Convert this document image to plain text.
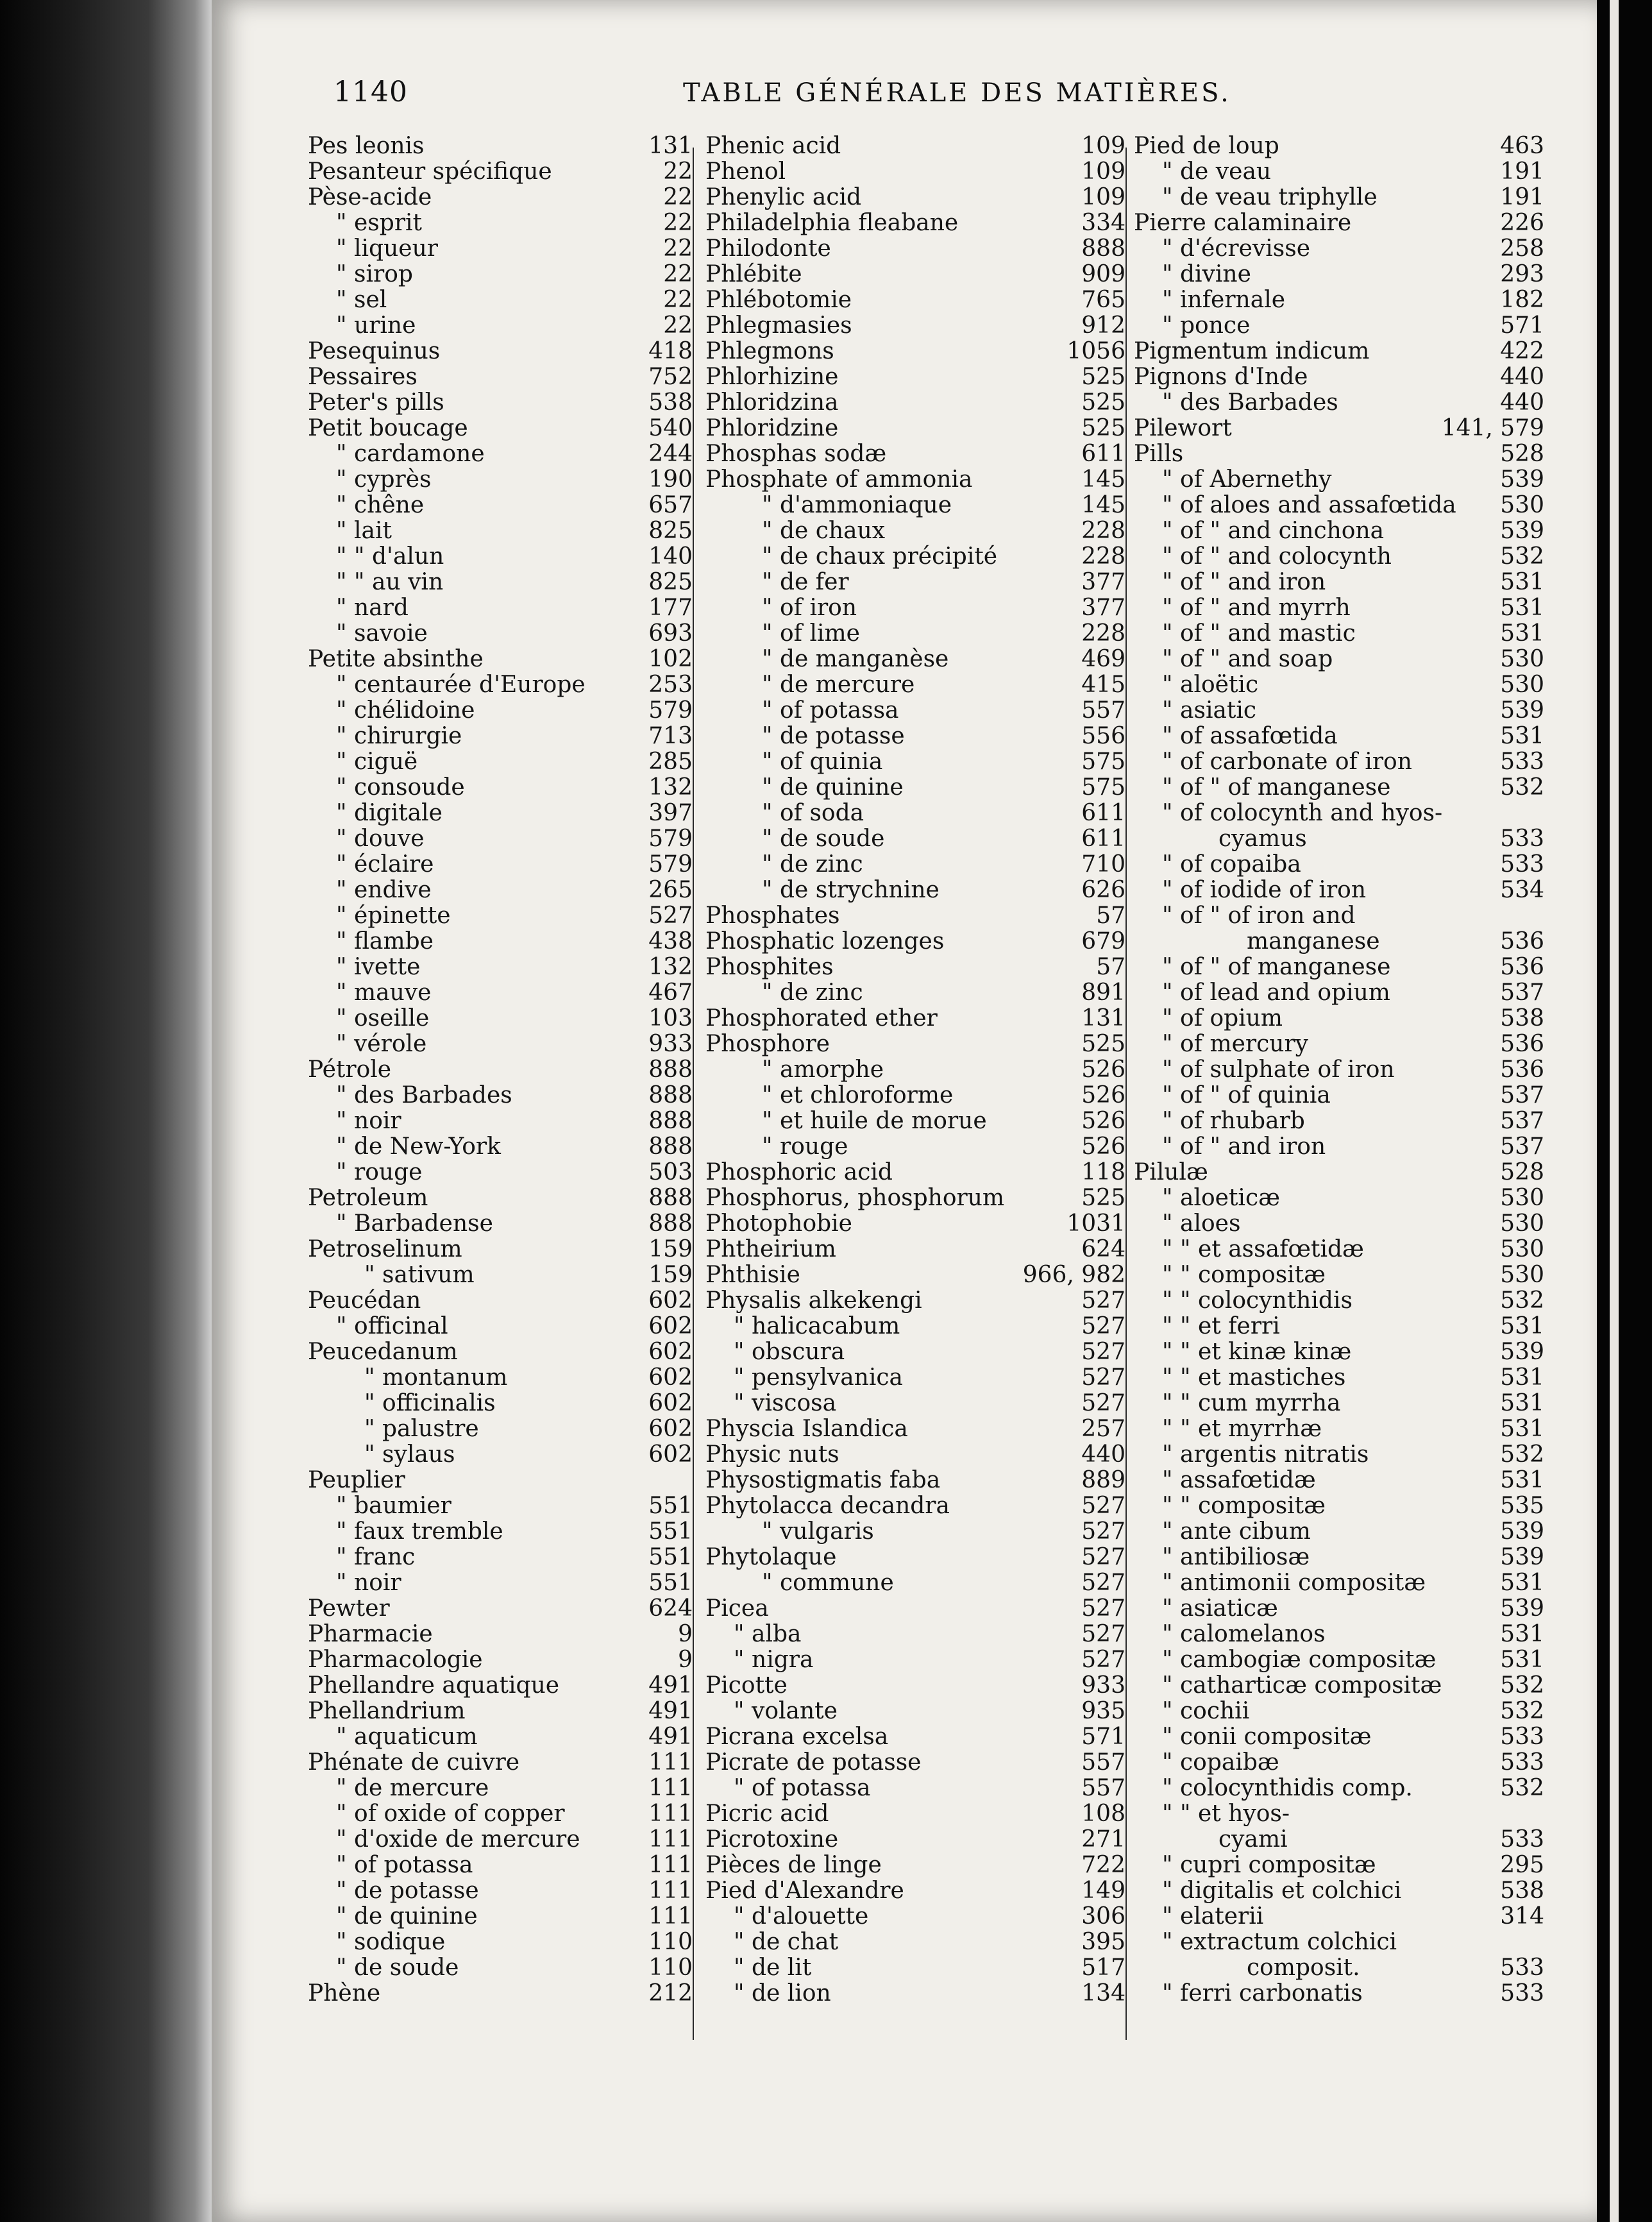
1140	TABLE GÉNÉRALE DES MATIÈRES.
Pes leonis	131
Pesanteur spécifique	22
Pèse-acide	22
" esprit	22
" liqueur	22
" sirop	22
" sel	22
" urine	22
Pesequinus	418
Pessaires	752
Peter's pills	538
Petit boucage	540
" cardamone	244
" cyprès	190
" chêne	657
" lait	825
" " d'alun	140
" " au vin	825
" nard	177
" savoie	693
Petite absinthe	102
" centaurée d'Europe	253
" chélidoine	579
" chirurgie	713
" ciguë	285
" consoude	132
" digitale	397
" douve	579
" éclaire	579
" endive	265
" épinette	527
" flambe	438
" ivette	132
" mauve	467
" oseille	103
" vérole	933
Pétrole	888
" des Barbades	888
" noir	888
" de New-York	888
" rouge	503
Petroleum	888
" Barbadense	888
Petroselinum	159
" sativum	159
Peucédan	602
" officinal	602
Peucedanum	602
" montanum	602
" officinalis	602
" palustre	602
" sylaus	602
Peuplier
" baumier	551
" faux tremble	551
" franc	551
" noir	551
Pewter	624
Pharmacie	9
Pharmacologie	9
Phellandre aquatique	491
Phellandrium	491
" aquaticum	491
Phénate de cuivre	111
" de mercure	111
" of oxide of copper	111
" d'oxide de mercure	111
" of potassa	111
" de potasse	111
" de quinine	111
" sodique	110
" de soude	110
Phène	212
Phenic acid	109
Phenol	109
Phenylic acid	109
Philadelphia fleabane	334
Philodonte	888
Phlébite	909
Phlébotomie	765
Phlegmasies	912
Phlegmons	1056
Phlorhizine	525
Phloridzina	525
Phloridzine	525
Phosphas sodæ	611
Phosphate of ammonia	145
" d'ammoniaque	145
" de chaux	228
" de chaux précipité	228
" de fer	377
" of iron	377
" of lime	228
" de manganèse	469
" de mercure	415
" of potassa	557
" de potasse	556
" of quinia	575
" de quinine	575
" of soda	611
" de soude	611
" de zinc	710
" de strychnine	626
Phosphates	57
Phosphatic lozenges	679
Phosphites	57
" de zinc	891
Phosphorated ether	131
Phosphore	525
" amorphe	526
" et chloroforme	526
" et huile de morue	526
" rouge	526
Phosphoric acid	118
Phosphorus, phosphorum	525
Photophobie	1031
Phtheirium	624
Phthisie	966, 982
Physalis alkekengi	527
" halicacabum	527
" obscura	527
" pensylvanica	527
" viscosa	527
Physcia Islandica	257
Physic nuts	440
Physostigmatis faba	889
Phytolacca decandra	527
" vulgaris	527
Phytolaque	527
" commune	527
Picea	527
" alba	527
" nigra	527
Picotte	933
" volante	935
Picrana excelsa	571
Picrate de potasse	557
" of potassa	557
Picric acid	108
Picrotoxine	271
Pièces de linge	722
Pied d'Alexandre	149
" d'alouette	306
" de chat	395
" de lit	517
" de lion	134
Pied de loup	463
" de veau	191
" de veau triphylle	191
Pierre calaminaire	226
" d'écrevisse	258
" divine	293
" infernale	182
" ponce	571
Pigmentum indicum	422
Pignons d'Inde	440
" des Barbades	440
Pilewort	141, 579
Pills	528
" of Abernethy	539
" of aloes and assafœtida 530
" of " and cinchona	539
" of " and colocynth	532
" of " and iron	531
" of " and myrrh	531
" of " and mastic	531
" of " and soap	530
" aloëtic	530
" asiatic	539
" of assafœtida	531
" of carbonate of iron	533
" of " of manganese	532
" of colocynth and hyos-
cyamus	533
" of copaiba	533
" of iodide of iron	534
" of " of iron and
manganese	536
" of " of manganese	536
" of lead and opium	537
" of opium	538
" of mercury	536
" of sulphate of iron	536
" of " of quinia	537
" of rhubarb	537
" of " and iron	537
Pilulæ	528
" aloeticæ	530
" aloes	530
" " et assafœtidæ	530
" " compositæ	530
" " colocynthidis	532
" " et ferri	531
" " et kinæ kinæ	539
" " et mastiches	531
" " cum myrrha	531
" " et myrrhæ	531
" argentis nitratis	532
" assafœtidæ	531
" " compositæ	535
" ante cibum	539
" antibiliosæ	539
" antimonii compositæ	531
" asiaticæ	539
" calomelanos	531
" cambogiæ compositæ	531
" catharticæ compositæ	532
" cochii	532
" conii compositæ	533
" copaibæ	533
" colocynthidis comp.	532
" " et hyos-
cyami	533
" cupri compositæ	295
" digitalis et colchici	538
" elaterii	314
" extractum colchici
composit.	533
" ferri carbonatis	533
